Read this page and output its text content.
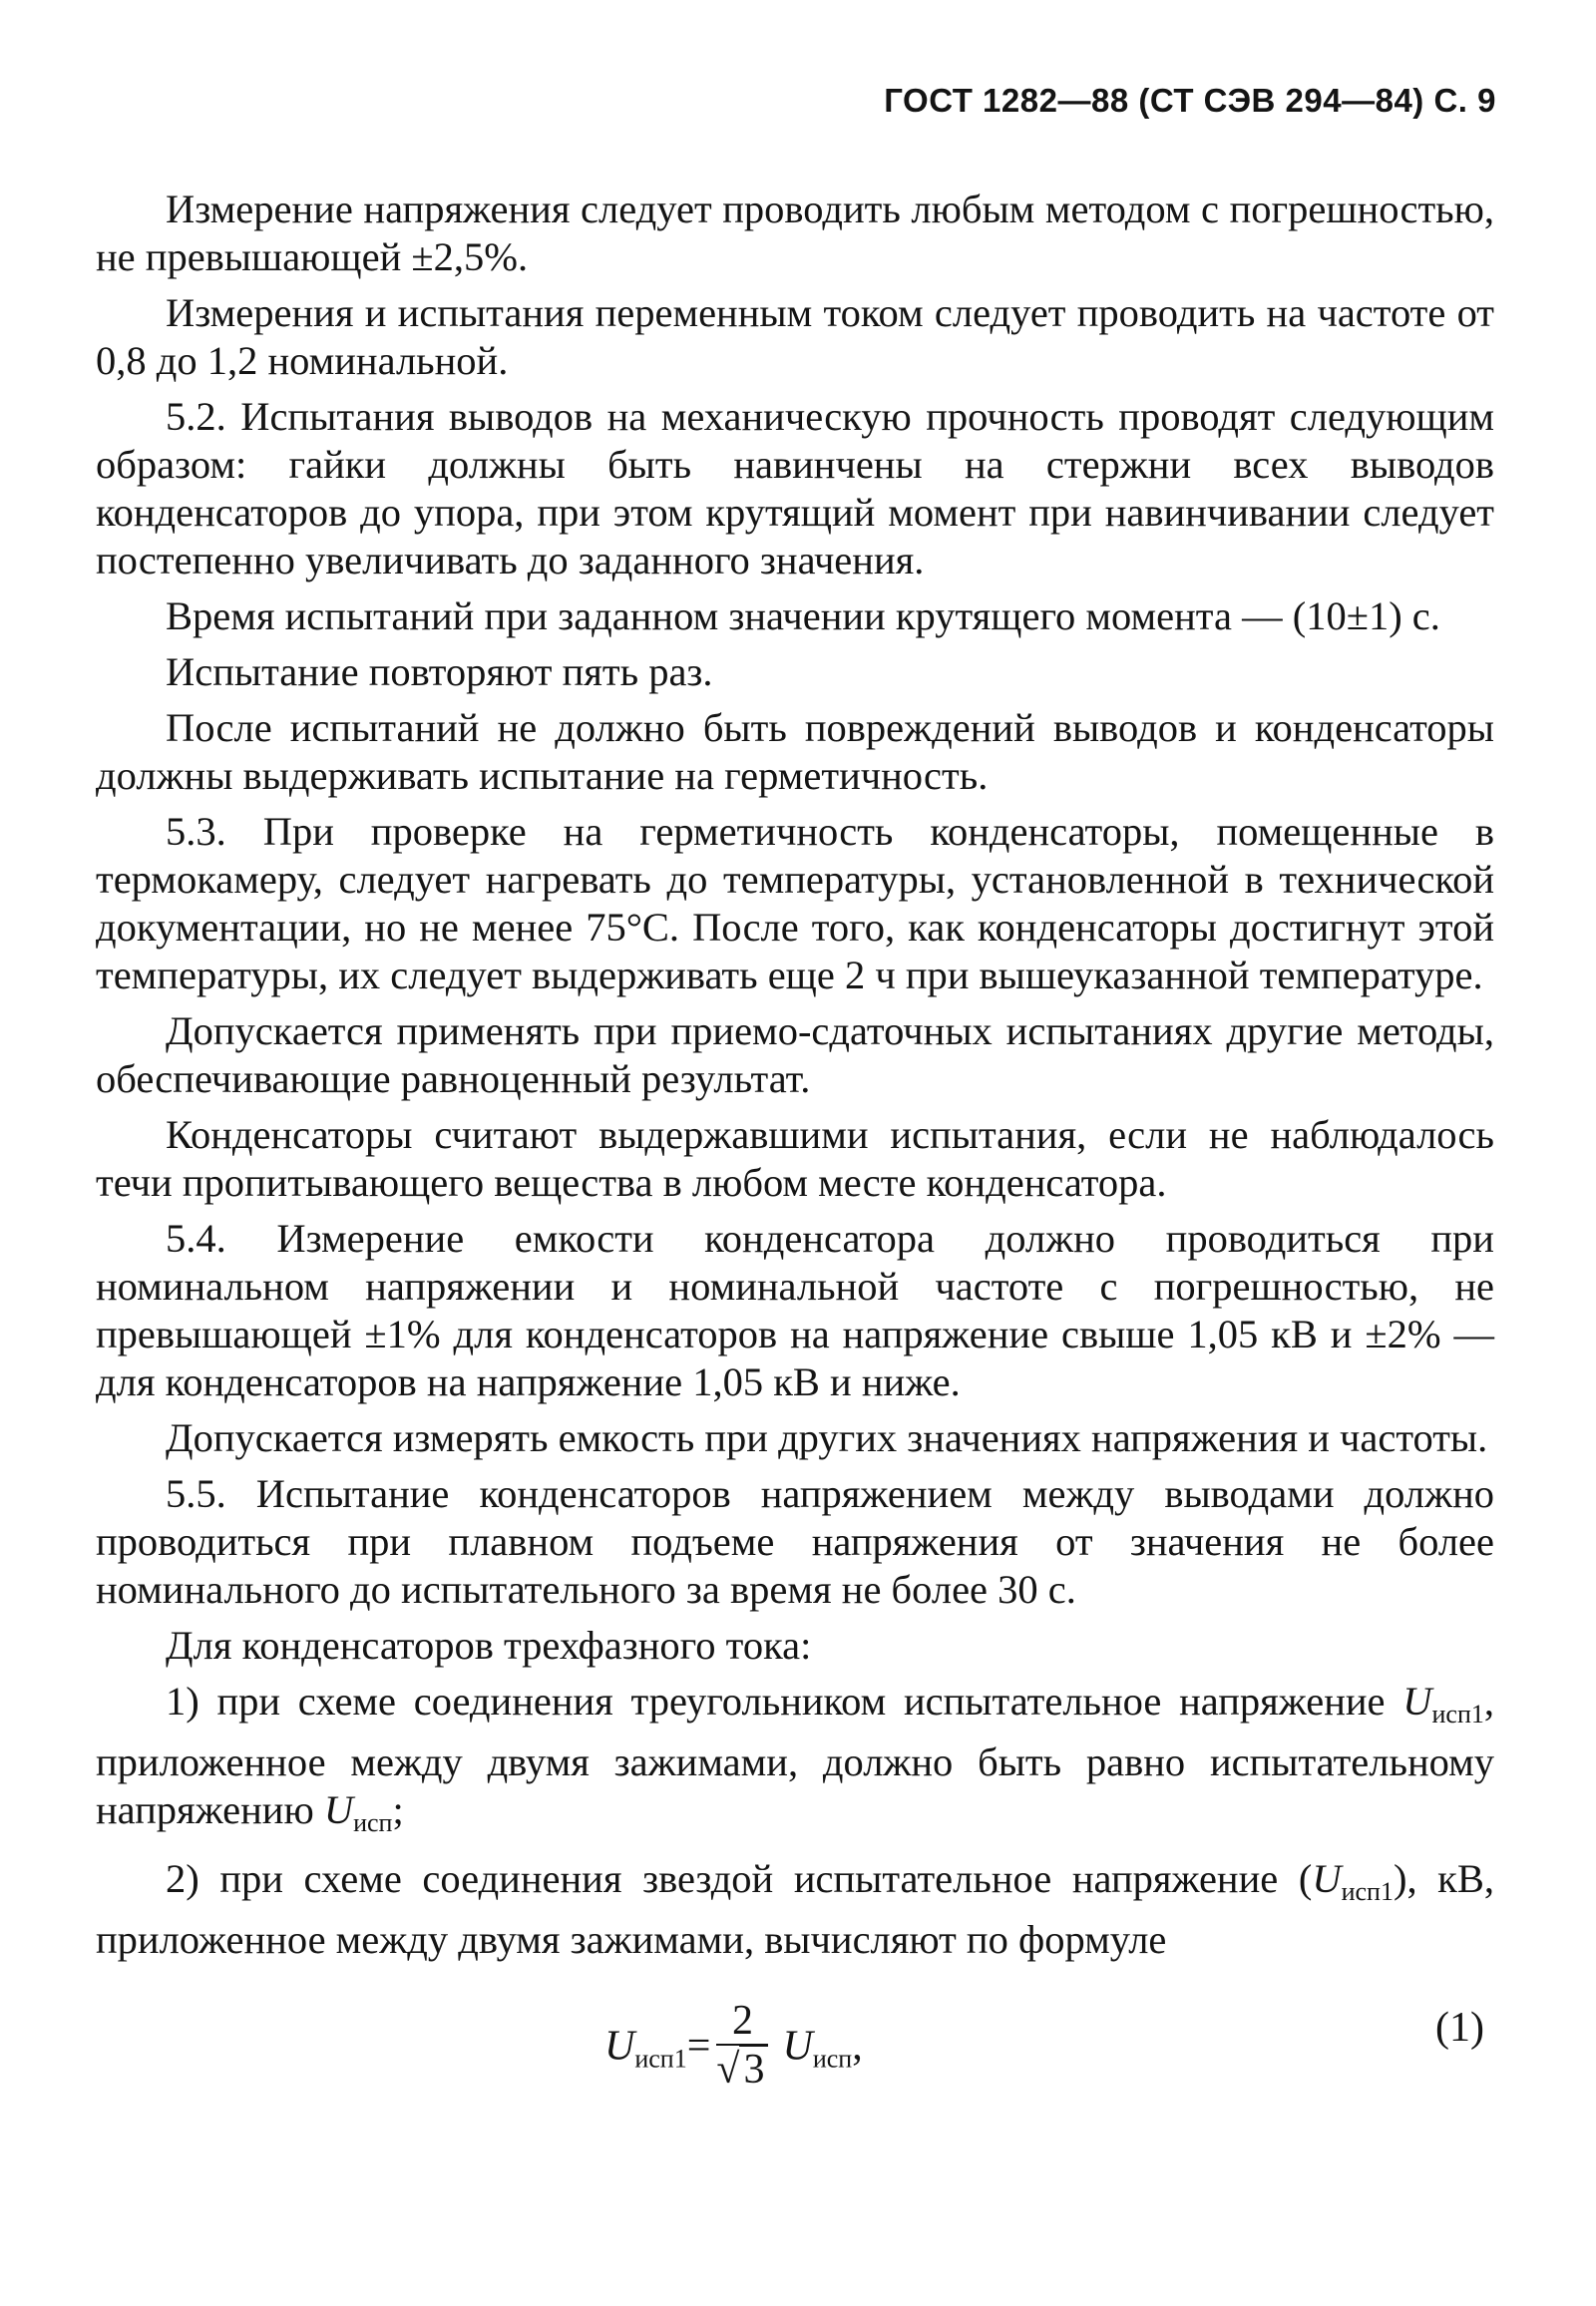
ГОСТ 1282—88 (СТ СЭВ 294—84) С. 9

Измерение напряжения следует проводить любым методом с погрешностью, не превышающей ±2,5%.

Измерения и испытания переменным током следует проводить на частоте от 0,8 до 1,2 номинальной.

5.2. Испытания выводов на механическую прочность проводят следующим образом: гайки должны быть навинчены на стержни всех выводов конденсаторов до упора, при этом крутящий момент при навинчивании следует постепенно увеличивать до заданного значения.

Время испытаний при заданном значении крутящего момента — (10±1) с.

Испытание повторяют пять раз.

После испытаний не должно быть повреждений выводов и конденсаторы должны выдерживать испытание на герметичность.

5.3. При проверке на герметичность конденсаторы, помещенные в термокамеру, следует нагревать до температуры, установленной в технической документации, но не менее 75°С. После того, как конденсаторы достигнут этой температуры, их следует выдерживать еще 2 ч при вышеуказанной температуре.

Допускается применять при приемо-сдаточных испытаниях другие методы, обеспечивающие равноценный результат.

Конденсаторы считают выдержавшими испытания, если не наблюдалось течи пропитывающего вещества в любом месте конденсатора.

5.4. Измерение емкости конденсатора должно проводиться при номинальном напряжении и номинальной частоте с погрешностью, не превышающей ±1% для конденсаторов на напряжение свыше 1,05 кВ и ±2% — для конденсаторов на напряжение 1,05 кВ и ниже.

Допускается измерять емкость при других значениях напряжения и частоты.

5.5. Испытание конденсаторов напряжением между выводами должно проводиться при плавном подъеме напряжения от значения не более номинального до испытательного за время не более 30 с.

Для конденсаторов трехфазного тока:

1) при схеме соединения треугольником испытательное напряжение $U_{исп1}$, приложенное между двумя зажимами, должно быть равно испытательному напряжению $U_{исп}$;

2) при схеме соединения звездой испытательное напряжение $(U_{исп1})$, кВ, приложенное между двумя зажимами, вычисляют по формуле

$U_{исп1}= \frac{2}{√3} U_{исп}$,	(1)
